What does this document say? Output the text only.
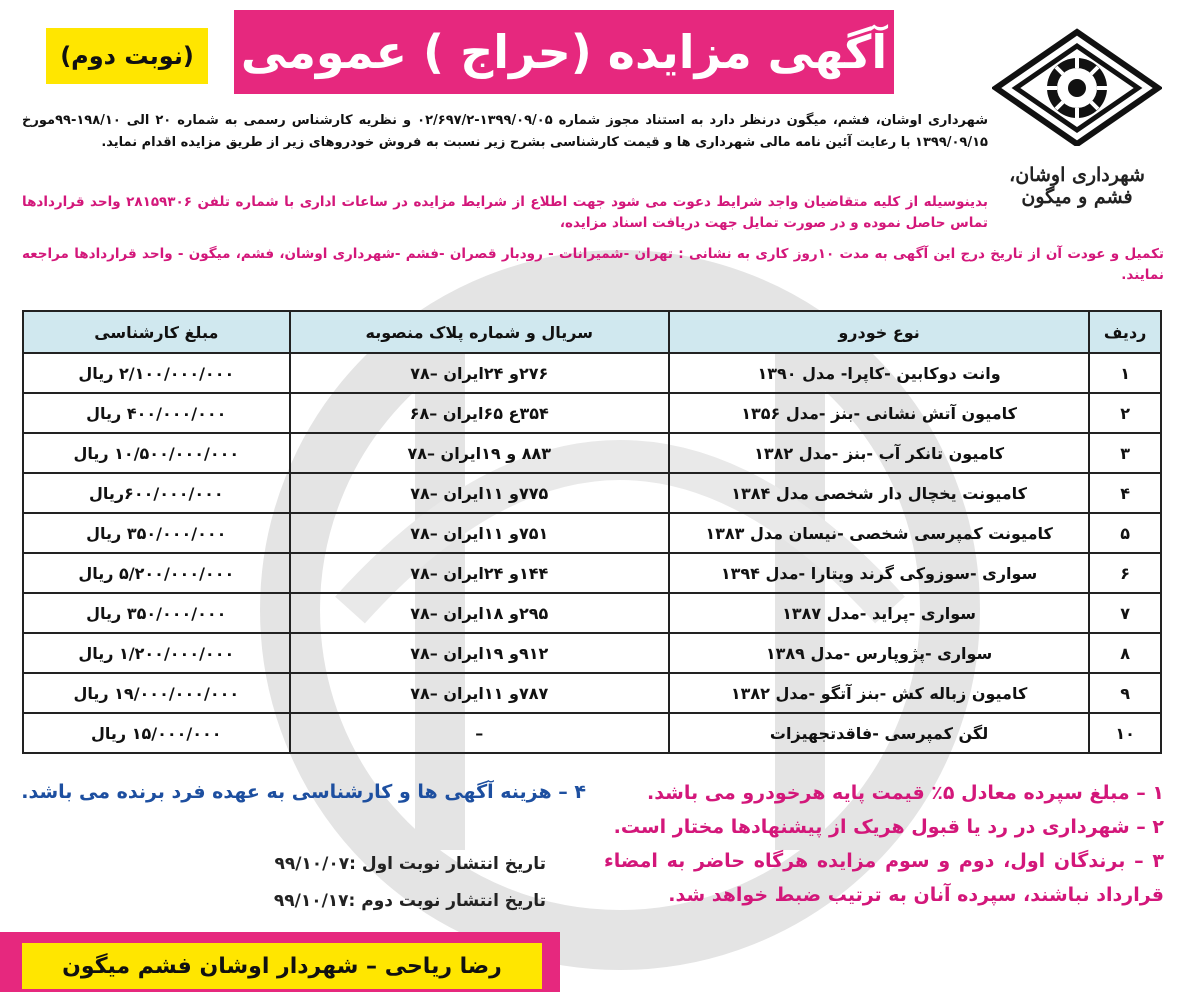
شهرداری اوشان، فشم و میگون
آگهی مزایده (حراج ) عمومی
(نوبت دوم)
شهرداری اوشان، فشم، میگون درنظر دارد به استناد مجوز شماره ۱۳۹۹/۰۹/۰۵-۰۲/۶۹۷/۲ و نظریه کارشناس رسمی به شماره ۲۰ الی ۱۹۸/۱۰-۹۹مورخ ۱۳۹۹/۰۹/۱۵ با رعایت آئین نامه مالی شهرداری ها و قیمت کارشناسی بشرح زیر نسبت به فروش خودروهای زیر از طریق مزایده اقدام نماید.
بدینوسیله از کلیه متقاضیان واجد شرایط دعوت می شود جهت اطلاع از شرایط مزایده در ساعات اداری با شماره تلفن ۲۸۱۵۹۳۰۶ واحد قراردادها تماس حاصل نموده و در صورت تمایل جهت دریافت اسناد مزایده،
تکمیل و عودت آن از تاریخ درج این آگهی به مدت ۱۰روز کاری به نشانی : تهران -شمیرانات - رودبار قصران -فشم -شهرداری اوشان، فشم، میگون - واحد قراردادها مراجعه نمایند.
ردیف	نوع خودرو	سریال و شماره پلاک منصوبه	مبلغ کارشناسی
۱	وانت دوکابین -کاپرا- مدل ۱۳۹۰	۲۷۶و ۲۴ایران –۷۸	۲/۱۰۰/۰۰۰/۰۰۰ ریال
۲	کامیون آتش نشانی -بنز -مدل ۱۳۵۶	۳۵۴ع ۶۵ایران –۶۸	۴۰۰/۰۰۰/۰۰۰ ریال
۳	کامیون تانکر آب -بنز -مدل ۱۳۸۲	۸۸۳ و ۱۹ایران –۷۸	۱۰/۵۰۰/۰۰۰/۰۰۰ ریال
۴	کامیونت یخچال دار شخصی مدل ۱۳۸۴	۷۷۵و ۱۱ایران –۷۸	۶۰۰/۰۰۰/۰۰۰ریال
۵	کامیونت کمپرسی شخصی -نیسان مدل ۱۳۸۳	۷۵۱و ۱۱ایران –۷۸	۳۵۰/۰۰۰/۰۰۰ ریال
۶	سواری -سوزوکی گرند ویتارا -مدل ۱۳۹۴	۱۴۴و ۲۴ایران –۷۸	۵/۲۰۰/۰۰۰/۰۰۰ ریال
۷	سواری -پراید -مدل ۱۳۸۷	۲۹۵و ۱۸ایران –۷۸	۳۵۰/۰۰۰/۰۰۰ ریال
۸	سواری -پژوپارس -مدل ۱۳۸۹	۹۱۲و ۱۹ایران –۷۸	۱/۲۰۰/۰۰۰/۰۰۰ ریال
۹	کامیون زباله کش -بنز آتگو -مدل ۱۳۸۲	۷۸۷و ۱۱ایران –۷۸	۱۹/۰۰۰/۰۰۰/۰۰۰ ریال
۱۰	لگن کمپرسی -فاقدتجهیزات	–	۱۵/۰۰۰/۰۰۰ ریال
۱ – مبلغ سپرده معادل ۵٪ قیمت پایه هرخودرو می باشد.
۲ – شهرداری در رد یا قبول هریک از پیشنهادها مختار است.
۳ – برندگان اول، دوم و سوم مزایده هرگاه حاضر به امضاء قرارداد نباشند، سپرده آنان به ترتیب ضبط خواهد شد.
۴ – هزینه آگهی ها و کارشناسی به عهده فرد برنده می باشد.
تاریخ انتشار نوبت اول :۹۹/۱۰/۰۷
تاریخ انتشار نوبت دوم :۹۹/۱۰/۱۷
رضا ریاحی – شهردار اوشان فشم میگون
